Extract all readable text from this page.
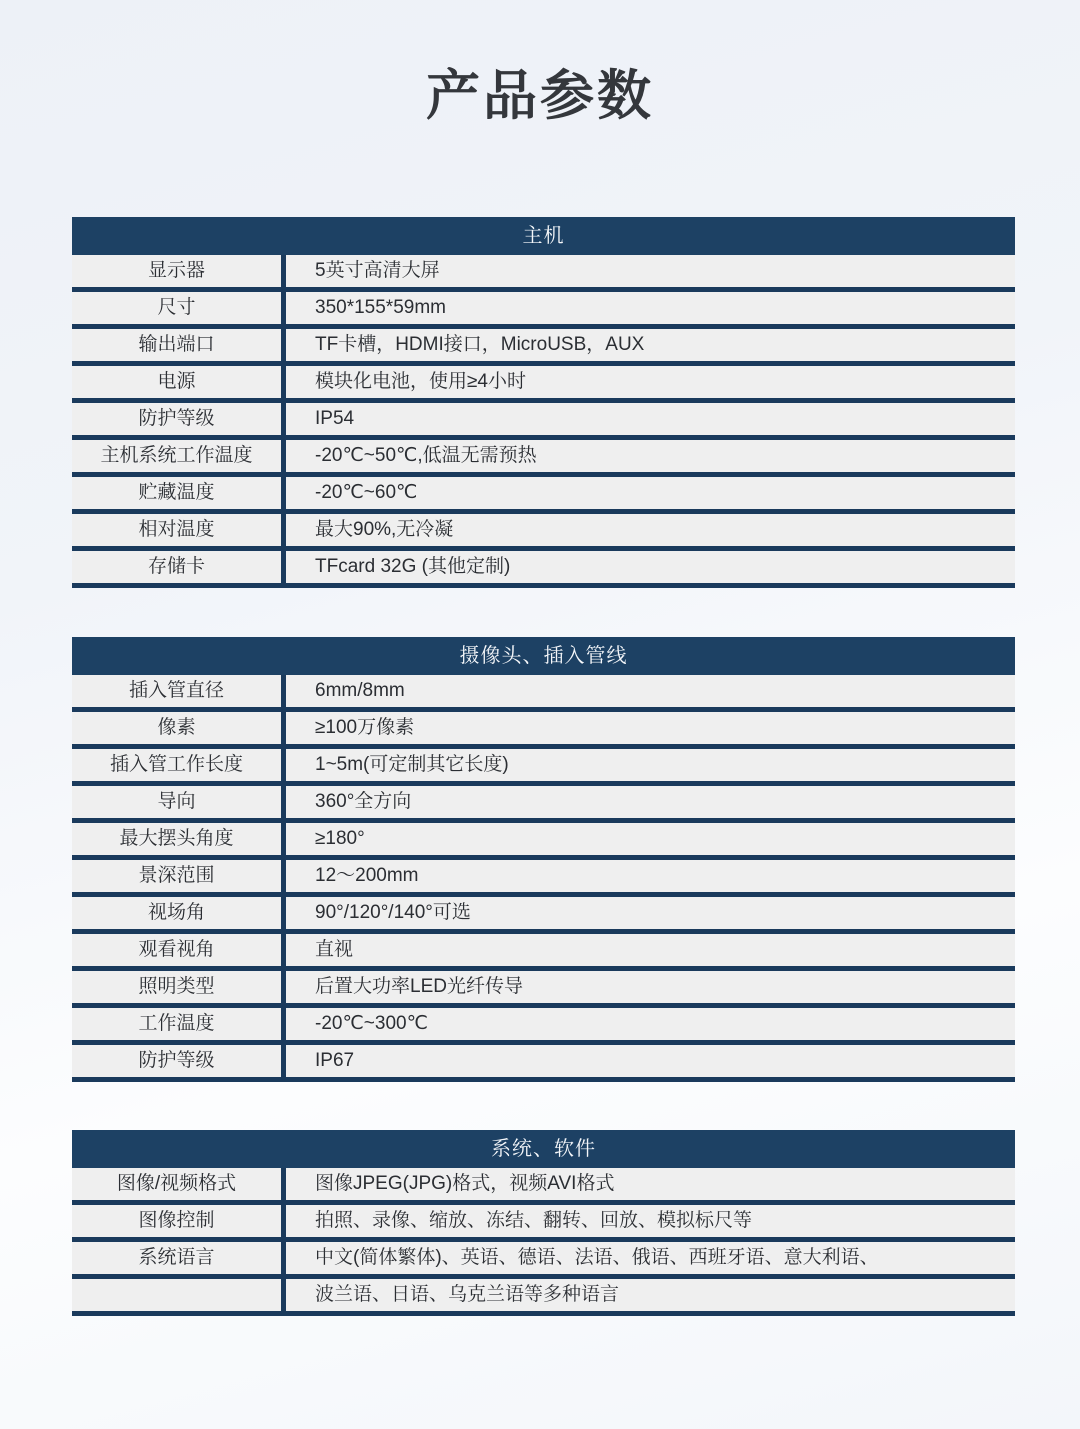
产品参数
主机
显示器	5英寸高清大屏
尺寸	350*155*59mm
输出端口	TF卡槽，HDMI接口，MicroUSB，AUX
电源	模块化电池，使用≥4小时
防护等级	IP54
主机系统工作温度	-20℃~50℃,低温无需预热
贮藏温度	-20℃~60℃
相对温度	最大90%,无冷凝
存储卡	TFcard 32G (其他定制)
摄像头、插入管线
插入管直径	6mm/8mm
像素	≥100万像素
插入管工作长度	1~5m(可定制其它长度)
导向	360°全方向
最大摆头角度	≥180°
景深范围	12～200mm
视场角	90°/120°/140°可选
观看视角	直视
照明类型	后置大功率LED光纤传导
工作温度	-20℃~300℃
防护等级	IP67
系统、软件
图像/视频格式	图像JPEG(JPG)格式，视频AVI格式
图像控制	拍照、录像、缩放、冻结、翻转、回放、模拟标尺等
系统语言	中文(简体繁体)、英语、德语、法语、俄语、西班牙语、意大利语、
波兰语、日语、乌克兰语等多种语言
